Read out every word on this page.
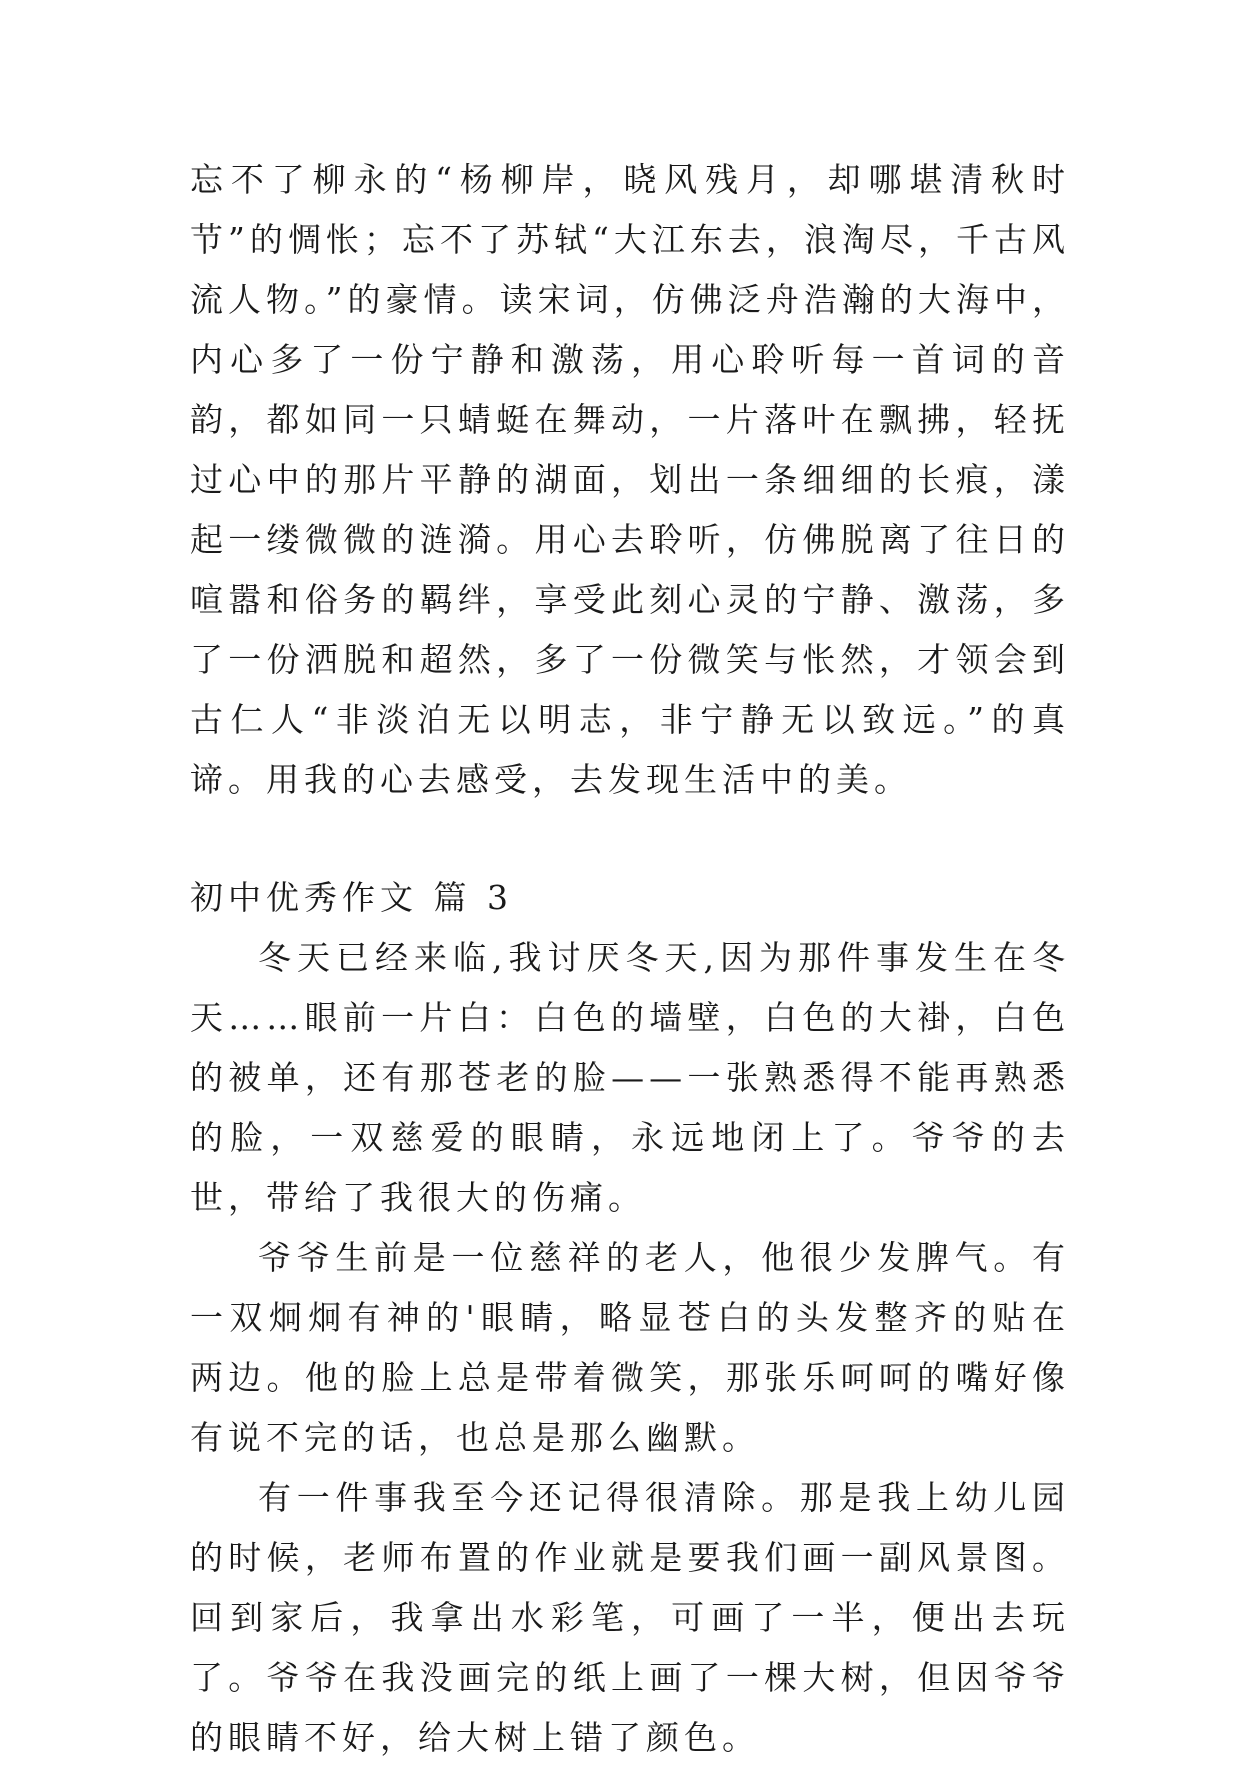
忘不了柳永的“杨柳岸，晓风残月，却哪堪清秋时节”的惆怅；忘不了苏轼“大江东去，浪淘尽，千古风流人物。”的豪情。读宋词，仿佛泛舟浩瀚的大海中，内心多了一份宁静和激荡，用心聆听每一首词的音韵，都如同一只蜻蜓在舞动，一片落叶在飘拂，轻抚过心中的那片平静的湖面，划出一条细细的长痕，漾起一缕微微的涟漪。用心去聆听，仿佛脱离了往日的喧嚣和俗务的羁绊，享受此刻心灵的宁静、激荡，多了一份洒脱和超然，多了一份微笑与怅然，才领会到古仁人“非淡泊无以明志，非宁静无以致远。”的真谛。用我的心去感受，去发现生活中的美。

初中优秀作文 篇 3

冬天已经来临,我讨厌冬天,因为那件事发生在冬天……眼前一片白：白色的墙壁，白色的大褂，白色的被单，还有那苍老的脸——一张熟悉得不能再熟悉的脸，一双慈爱的眼睛，永远地闭上了。爷爷的去世，带给了我很大的伤痛。

爷爷生前是一位慈祥的老人，他很少发脾气。有一双炯炯有神的'眼睛，略显苍白的头发整齐的贴在两边。他的脸上总是带着微笑，那张乐呵呵的嘴好像有说不完的话，也总是那么幽默。

有一件事我至今还记得很清除。那是我上幼儿园的时候，老师布置的作业就是要我们画一副风景图。回到家后，我拿出水彩笔，可画了一半，便出去玩了。爷爷在我没画完的纸上画了一棵大树，但因爷爷的眼睛不好，给大树上错了颜色。
